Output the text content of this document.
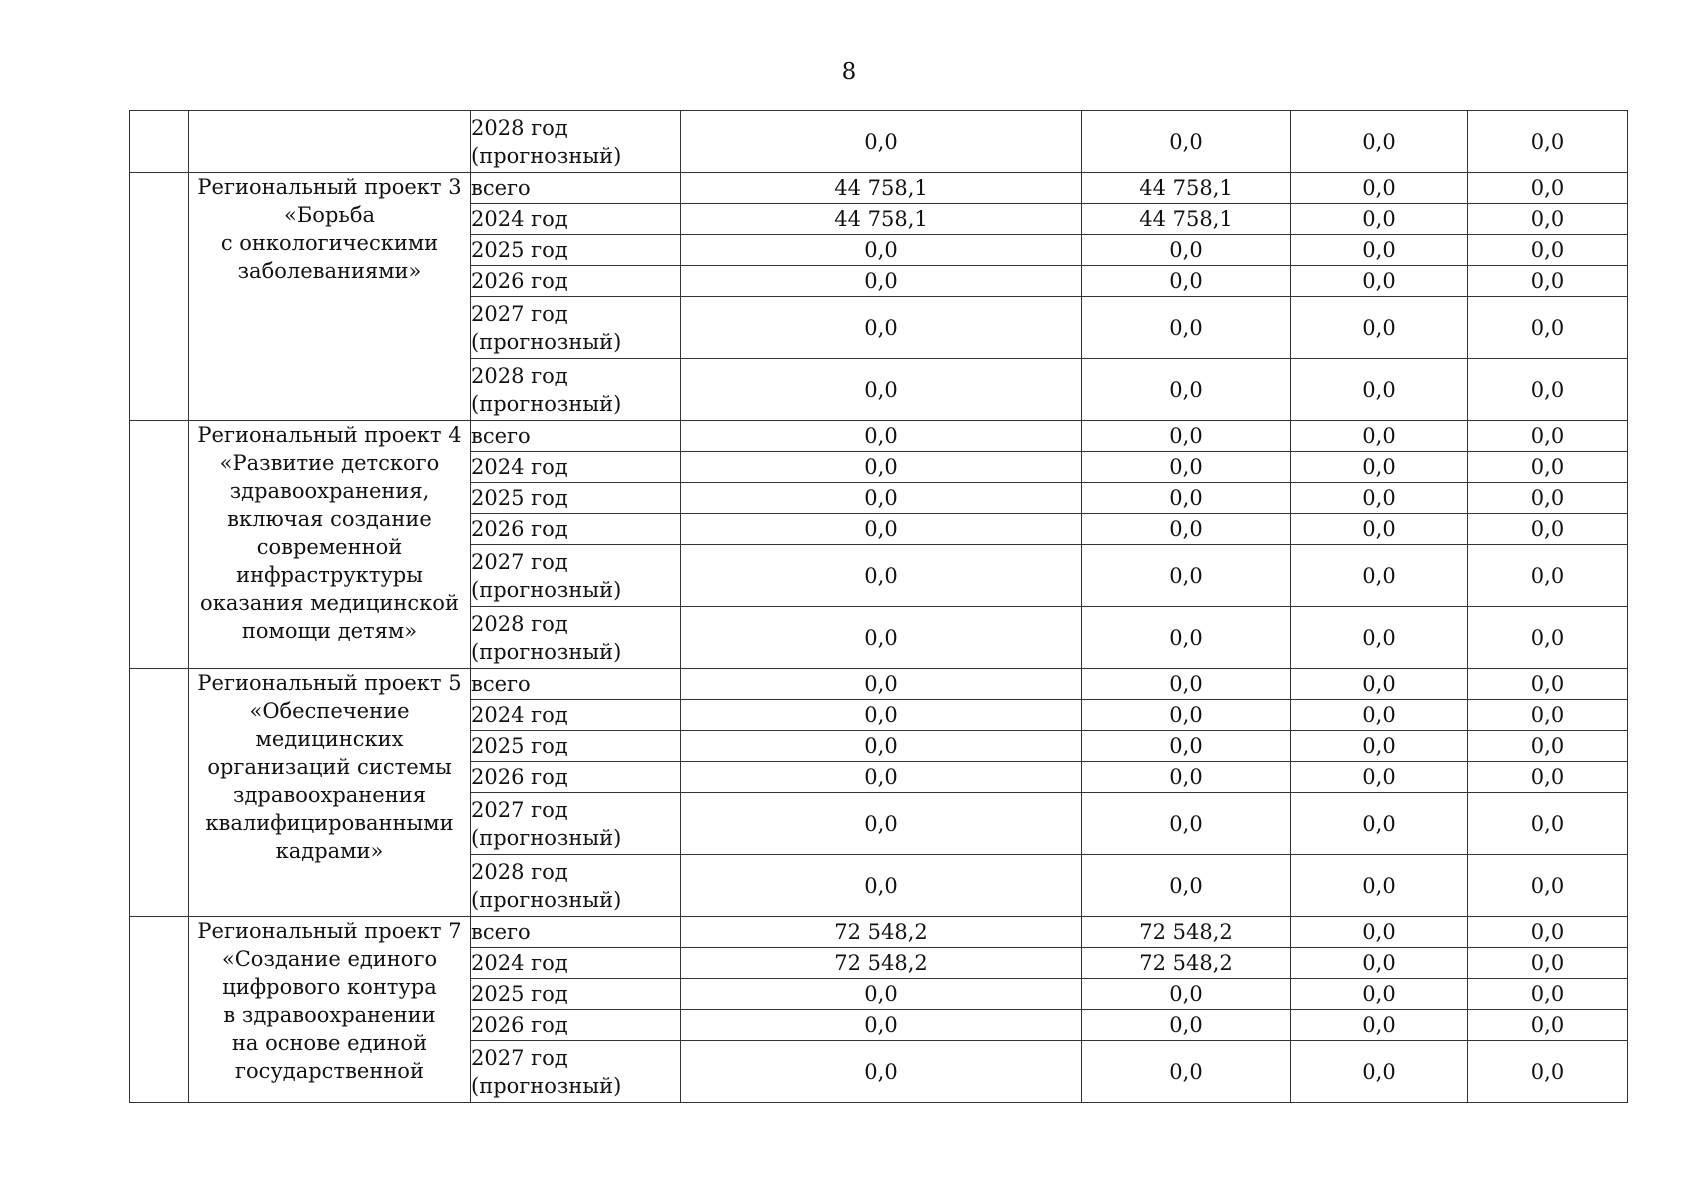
8
		2028 год
(прогнозный)	0,0	0,0	0,0	0,0
	Региональный проект 3 «Борьба
с онкологическими заболеваниями»	всего	44 758,1	44 758,1	0,0	0,0
		2024 год	44 758,1	44 758,1	0,0	0,0
		2025 год	0,0	0,0	0,0	0,0
		2026 год	0,0	0,0	0,0	0,0
		2027 год
(прогнозный)	0,0	0,0	0,0	0,0
		2028 год
(прогнозный)	0,0	0,0	0,0	0,0
	Региональный проект 4 «Развитие детского здравоохранения, включая создание современной инфраструктуры оказания медицинской помощи детям»	всего	0,0	0,0	0,0	0,0
		2024 год	0,0	0,0	0,0	0,0
		2025 год	0,0	0,0	0,0	0,0
		2026 год	0,0	0,0	0,0	0,0
		2027 год
(прогнозный)	0,0	0,0	0,0	0,0
		2028 год
(прогнозный)	0,0	0,0	0,0	0,0
	Региональный проект 5 «Обеспечение медицинских организаций системы здравоохранения квалифицированными кадрами»	всего	0,0	0,0	0,0	0,0
		2024 год	0,0	0,0	0,0	0,0
		2025 год	0,0	0,0	0,0	0,0
		2026 год	0,0	0,0	0,0	0,0
		2027 год
(прогнозный)	0,0	0,0	0,0	0,0
		2028 год
(прогнозный)	0,0	0,0	0,0	0,0
	Региональный проект 7 «Создание единого цифрового контура
в здравоохранении
на основе единой государственной	всего	72 548,2	72 548,2	0,0	0,0
		2024 год	72 548,2	72 548,2	0,0	0,0
		2025 год	0,0	0,0	0,0	0,0
		2026 год	0,0	0,0	0,0	0,0
		2027 год
(прогнозный)	0,0	0,0	0,0	0,0
